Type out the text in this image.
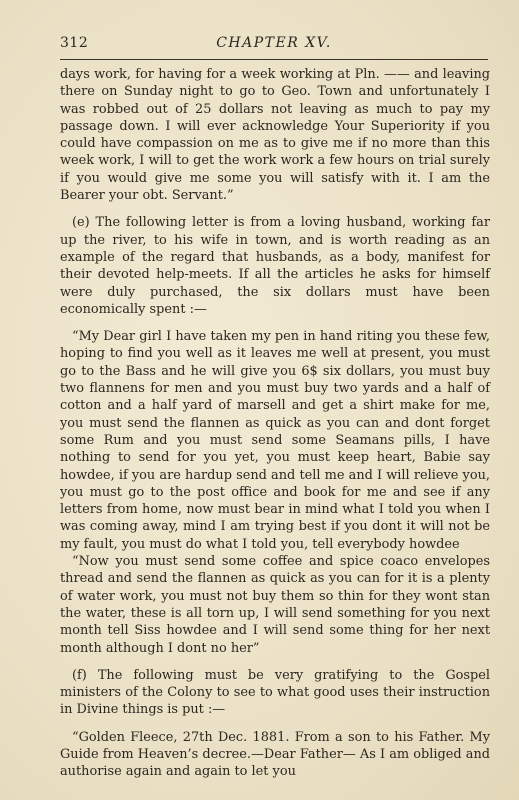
312	CHAPTER XV.

days work, for having for a week working at Pln. —— and leaving there on Sunday night to go to Geo. Town and unfortunately I was robbed out of 25 dollars not leaving as much to pay my passage down. I will ever acknowledge Your Superiority if you could have compassion on me as to give me if no more than this week work, I will to get the work work a few hours on trial surely if you would give me some you will satisfy with it. I am the Bearer your obt. Servant.”

(e) The following letter is from a loving husband, working far up the river, to his wife in town, and is worth reading as an example of the regard that husbands, as a body, manifest for their devoted help-meets. If all the articles he asks for himself were duly purchased, the six dollars must have been economically spent :—

“My Dear girl I have taken my pen in hand riting you these few, hoping to find you well as it leaves me well at present, you must go to the Bass and he will give you 6$ six dollars, you must buy two flannens for men and you must buy two yards and a half of cotton and a half yard of marsell and get a shirt make for me, you must send the flannen as quick as you can and dont forget some Rum and you must send some Seamans pills, I have nothing to send for you yet, you must keep heart, Babie say howdee, if you are hardup send and tell me and I will relieve you, you must go to the post office and book for me and see if any letters from home, now must bear in mind what I told you when I was coming away, mind I am trying best if you dont it will not be my fault, you must do what I told you, tell everybody howdee

“Now you must send some coffee and spice coaco envelopes thread and send the flannen as quick as you can for it is a plenty of water work, you must not buy them so thin for they wont stan the water, these is all torn up, I will send something for you next month tell Siss howdee and I will send some thing for her next month although I dont no her”

(f) The following must be very gratifying to the Gospel ministers of the Colony to see to what good uses their instruction in Divine things is put :—

“Golden Fleece, 27th Dec. 1881. From a son to his Father. My Guide from Heaven’s decree.—Dear Father— As I am obliged and authorise again and again to let you
